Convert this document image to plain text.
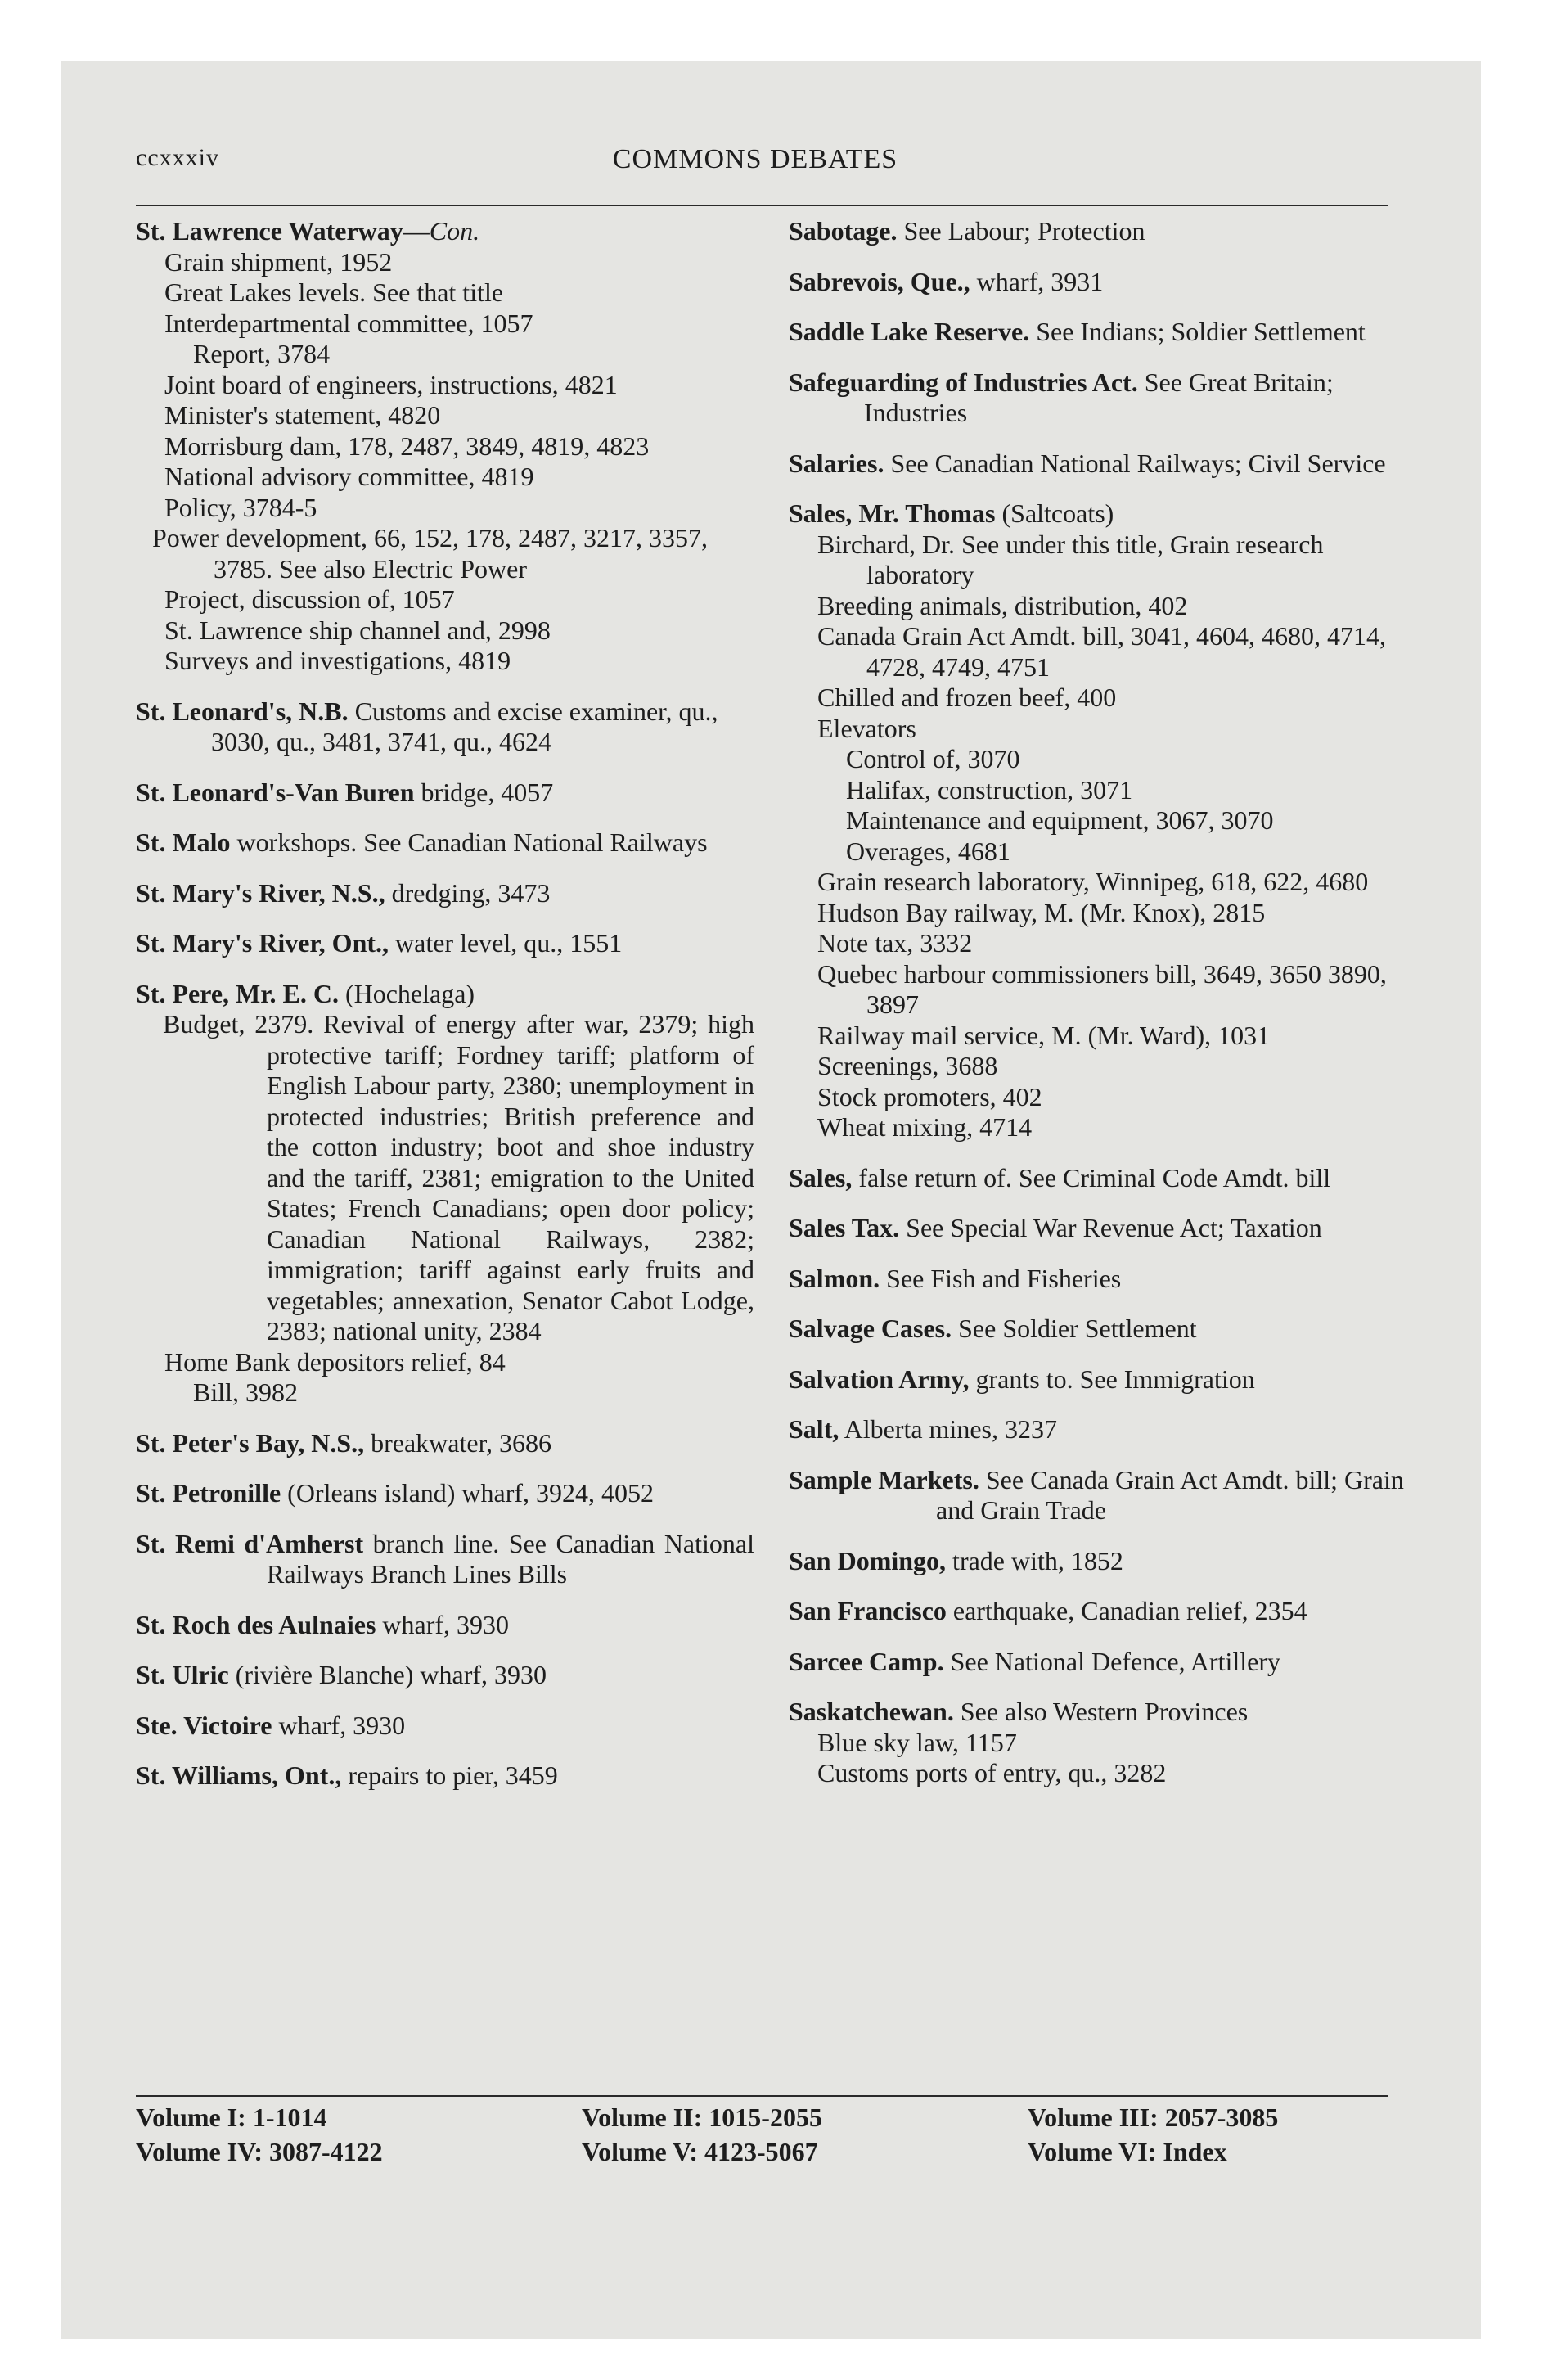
ccxxxiv	COMMONS DEBATES
St. Lawrence Waterway—Con.
Grain shipment, 1952
Great Lakes levels. See that title
Interdepartmental committee, 1057
Report, 3784
Joint board of engineers, instructions, 4821
Minister's statement, 4820
Morrisburg dam, 178, 2487, 3849, 4819, 4823
National advisory committee, 4819
Policy, 3784-5
Power development, 66, 152, 178, 2487, 3217, 3357, 3785. See also Electric Power
Project, discussion of, 1057
St. Lawrence ship channel and, 2998
Surveys and investigations, 4819
St. Leonard's, N.B. Customs and excise examiner, qu., 3030, qu., 3481, 3741, qu., 4624
St. Leonard's-Van Buren bridge, 4057
St. Malo workshops. See Canadian National Railways
St. Mary's River, N.S., dredging, 3473
St. Mary's River, Ont., water level, qu., 1551
St. Pere, Mr. E. C. (Hochelaga)
Budget, 2379. Revival of energy after war, 2379; high protective tariff; Fordney tariff; platform of English Labour party, 2380; unemployment in protected industries; British preference and the cotton industry; boot and shoe industry and the tariff, 2381; emigration to the United States; French Canadians; open door policy; Canadian National Railways, 2382; immigration; tariff against early fruits and vegetables; annexation, Senator Cabot Lodge, 2383; national unity, 2384
Home Bank depositors relief, 84
Bill, 3982
St. Peter's Bay, N.S., breakwater, 3686
St. Petronille (Orleans island) wharf, 3924, 4052
St. Remi d'Amherst branch line. See Canadian National Railways Branch Lines Bills
St. Roch des Aulnaies wharf, 3930
St. Ulric (rivière Blanche) wharf, 3930
Ste. Victoire wharf, 3930
St. Williams, Ont., repairs to pier, 3459
Sabotage. See Labour; Protection
Sabrevois, Que., wharf, 3931
Saddle Lake Reserve. See Indians; Soldier Settlement
Safeguarding of Industries Act. See Great Britain; Industries
Salaries. See Canadian National Railways; Civil Service
Sales, Mr. Thomas (Saltcoats)
Birchard, Dr. See under this title, Grain research laboratory
Breeding animals, distribution, 402
Canada Grain Act Amdt. bill, 3041, 4604, 4680, 4714, 4728, 4749, 4751
Chilled and frozen beef, 400
Elevators
Control of, 3070
Halifax, construction, 3071
Maintenance and equipment, 3067, 3070
Overages, 4681
Grain research laboratory, Winnipeg, 618, 622, 4680
Hudson Bay railway, M. (Mr. Knox), 2815
Note tax, 3332
Quebec harbour commissioners bill, 3649, 3650 3890, 3897
Railway mail service, M. (Mr. Ward), 1031
Screenings, 3688
Stock promoters, 402
Wheat mixing, 4714
Sales, false return of. See Criminal Code Amdt. bill
Sales Tax. See Special War Revenue Act; Taxation
Salmon. See Fish and Fisheries
Salvage Cases. See Soldier Settlement
Salvation Army, grants to. See Immigration
Salt, Alberta mines, 3237
Sample Markets. See Canada Grain Act Amdt. bill; Grain and Grain Trade
San Domingo, trade with, 1852
San Francisco earthquake, Canadian relief, 2354
Sarcee Camp. See National Defence, Artillery
Saskatchewan. See also Western Provinces
Blue sky law, 1157
Customs ports of entry, qu., 3282
Volume I: 1-1014	Volume II: 1015-2055	Volume III: 2057-3085
Volume IV: 3087-4122	Volume V: 4123-5067	Volume VI: Index
